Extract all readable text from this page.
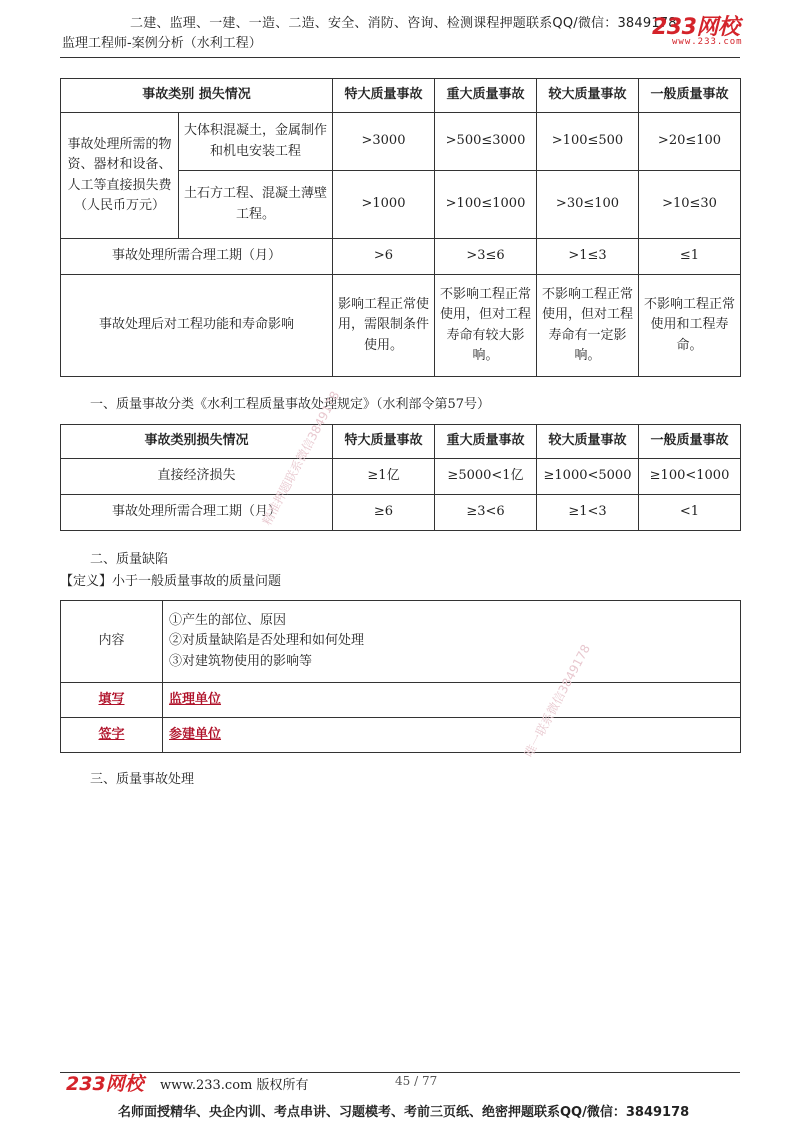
二建、监理、一建、一造、二造、安全、消防、咨询、检测课程押题联系QQ/微信：3849178
监理工程师-案例分析（水利工程）
233网校
www.233.com
事故类别 损失情况		特大质量事故	重大质量事故	较大质量事故	一般质量事故
事故处理所需的物资、器材和设备、人工等直接损失费（人民币万元）	大体积混凝土，金属制作和机电安装工程	>3000	>500≤3000	>100≤500	>20≤100
	土石方工程、混凝土薄壁工程。	>1000	>100≤1000	>30≤100	>10≤30
事故处理所需合理工期（月）		>6	>3≤6	>1≤3	≤1
事故处理后对工程功能和寿命影响		影响工程正常使用，需限制条件使用。	不影响工程正常使用，但对工程寿命有较大影响。	不影响工程正常使用，但对工程寿命有一定影响。	不影响工程正常使用和工程寿命。
一、质量事故分类《水利工程质量事故处理规定》（水利部令第57号）
事故类别损失情况	特大质量事故	重大质量事故	较大质量事故	一般质量事故
直接经济损失	≥1亿	≥5000<1亿	≥1000<5000	≥100<1000
事故处理所需合理工期（月）	≥6	≥3<6	≥1<3	<1
二、质量缺陷
【定义】小于一般质量事故的质量问题
内容	①产生的部位、原因
②对质量缺陷是否处理和如何处理
③对建筑物使用的影响等

填写	监理单位
签字	参建单位
三、质量事故处理
精准押题联系微信3849178
唯一联系微信3849178
233网校 www.233.com 版权所有	45 / 77
名师面授精华、央企内训、考点串讲、习题模考、考前三页纸、绝密押题联系QQ/微信：3849178
